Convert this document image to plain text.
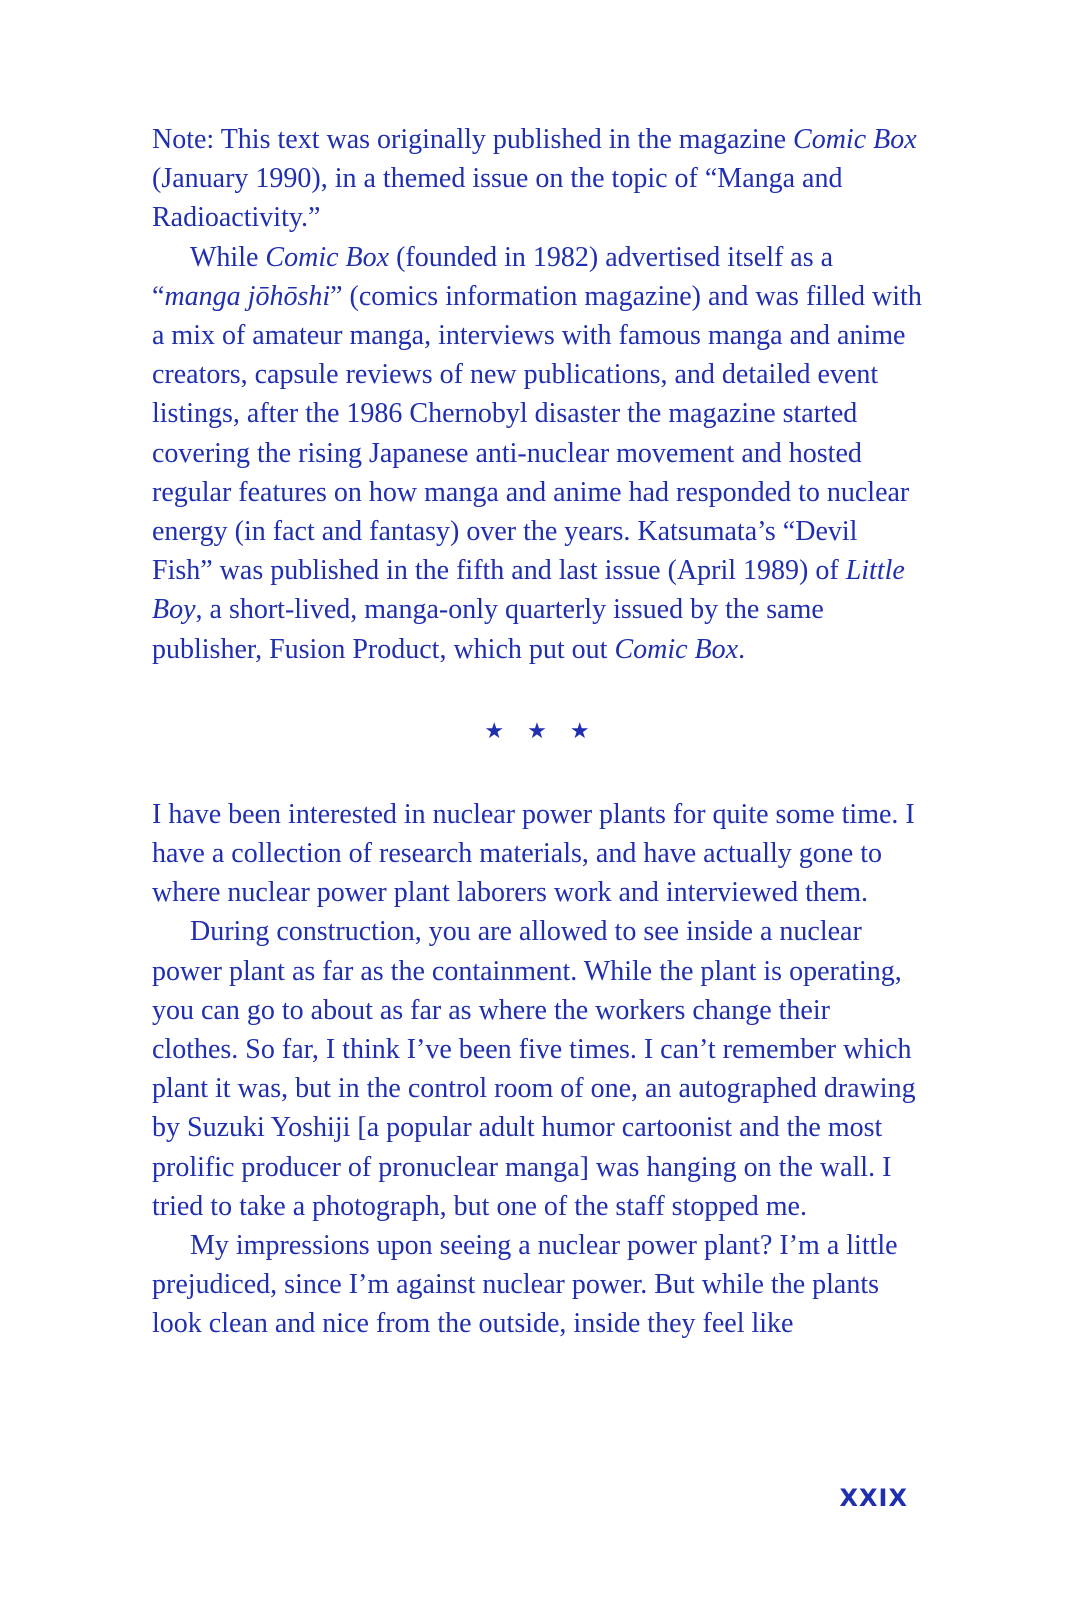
Note: This text was originally published in the magazine Comic Box (January 1990), in a themed issue on the topic of “Manga and Radioactivity.”

While Comic Box (founded in 1982) advertised itself as a “manga jōhōshi” (comics information magazine) and was filled with a mix of amateur manga, interviews with famous manga and anime creators, capsule reviews of new publications, and detailed event listings, after the 1986 Chernobyl disaster the magazine started covering the rising Japanese anti-nuclear movement and hosted regular features on how manga and anime had responded to nuclear energy (in fact and fantasy) over the years. Katsumata’s “Devil Fish” was published in the fifth and last issue (April 1989) of Little Boy, a short-lived, manga-only quarterly issued by the same publisher, Fusion Product, which put out Comic Box.

★ ★ ★

I have been interested in nuclear power plants for quite some time. I have a collection of research materials, and have actually gone to where nuclear power plant laborers work and interviewed them.

During construction, you are allowed to see inside a nuclear power plant as far as the containment. While the plant is operating, you can go to about as far as where the workers change their clothes. So far, I think I’ve been five times. I can’t remember which plant it was, but in the control room of one, an autographed drawing by Suzuki Yoshiji [a popular adult humor cartoonist and the most prolific producer of pronuclear manga] was hanging on the wall. I tried to take a photograph, but one of the staff stopped me.

My impressions upon seeing a nuclear power plant? I’m a little prejudiced, since I’m against nuclear power. But while the plants look clean and nice from the outside, inside they feel like

XXIX
